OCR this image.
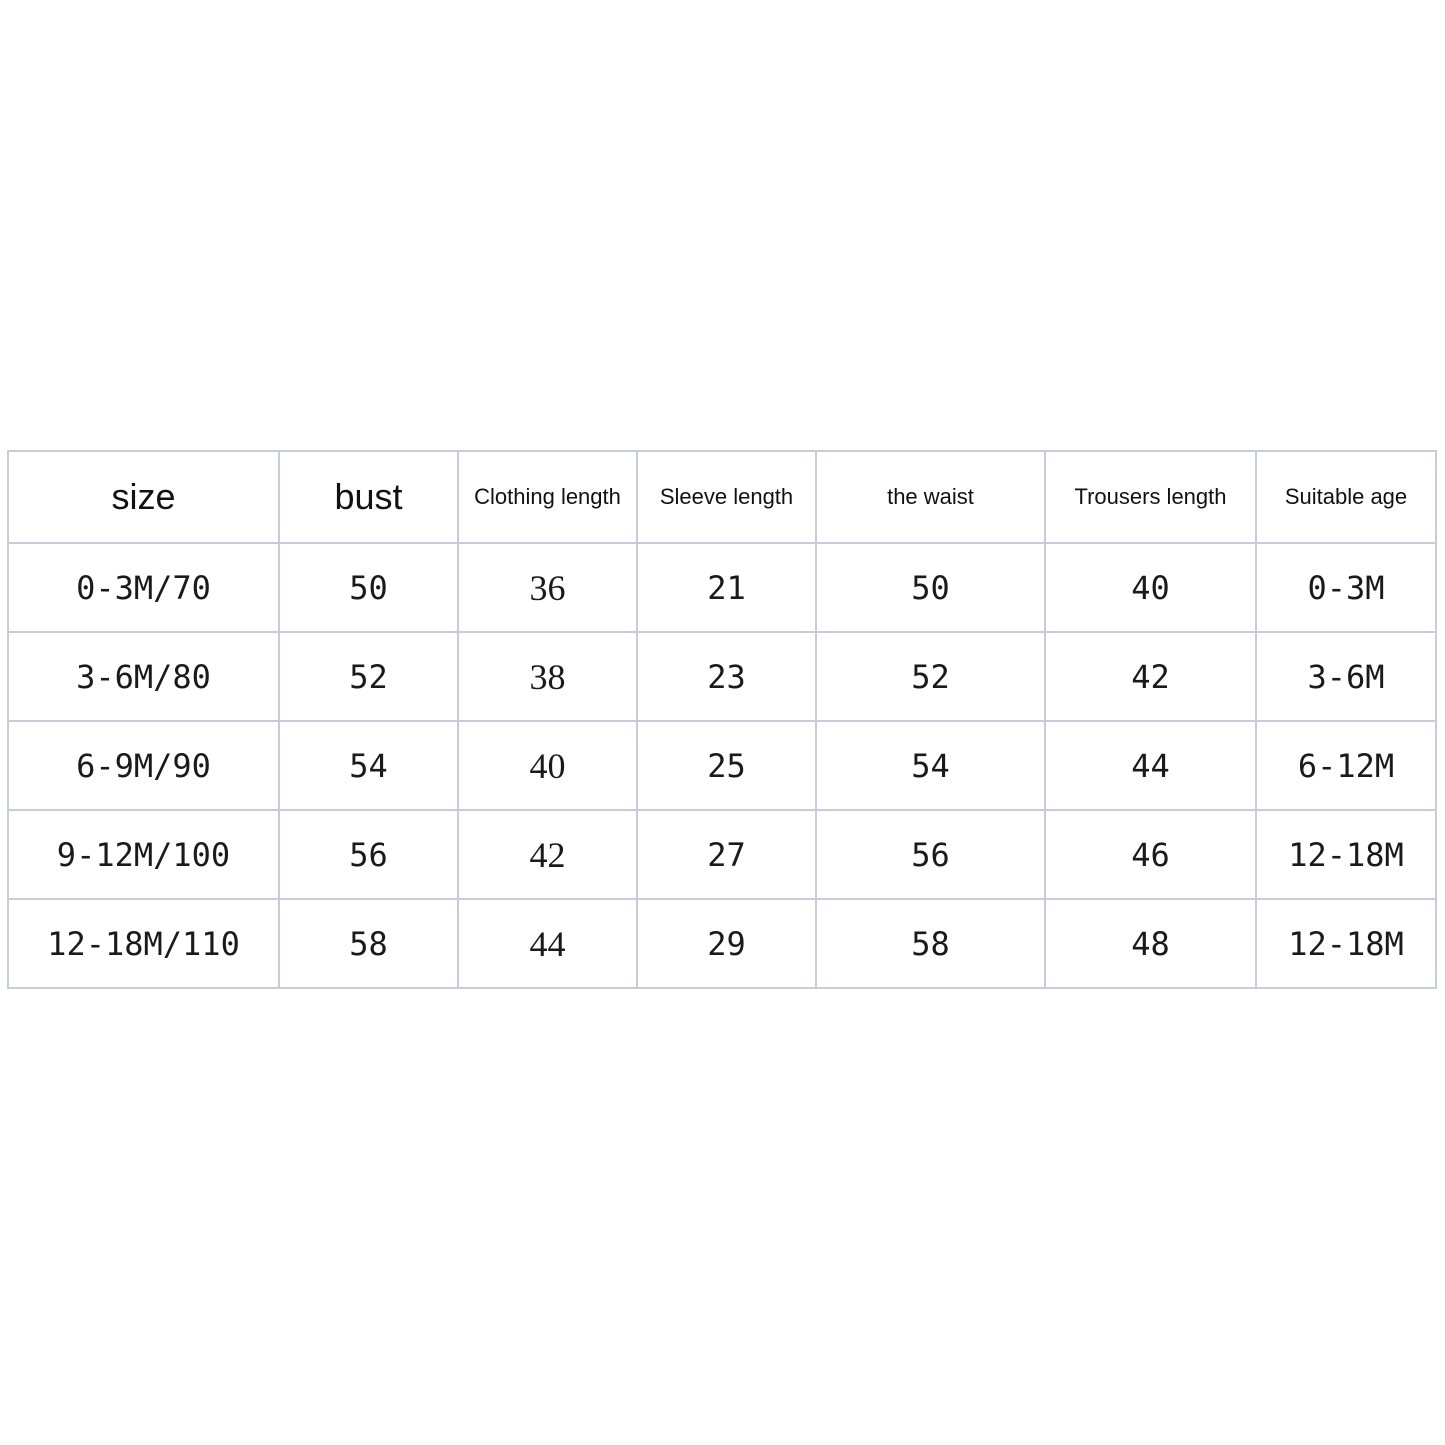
size	bust	Clothing length	Sleeve length	the waist	Trousers length	Suitable age
0-3M/70	50	36	21	50	40	0-3M
3-6M/80	52	38	23	52	42	3-6M
6-9M/90	54	40	25	54	44	6-12M
9-12M/100	56	42	27	56	46	12-18M
12-18M/110	58	44	29	58	48	12-18M
